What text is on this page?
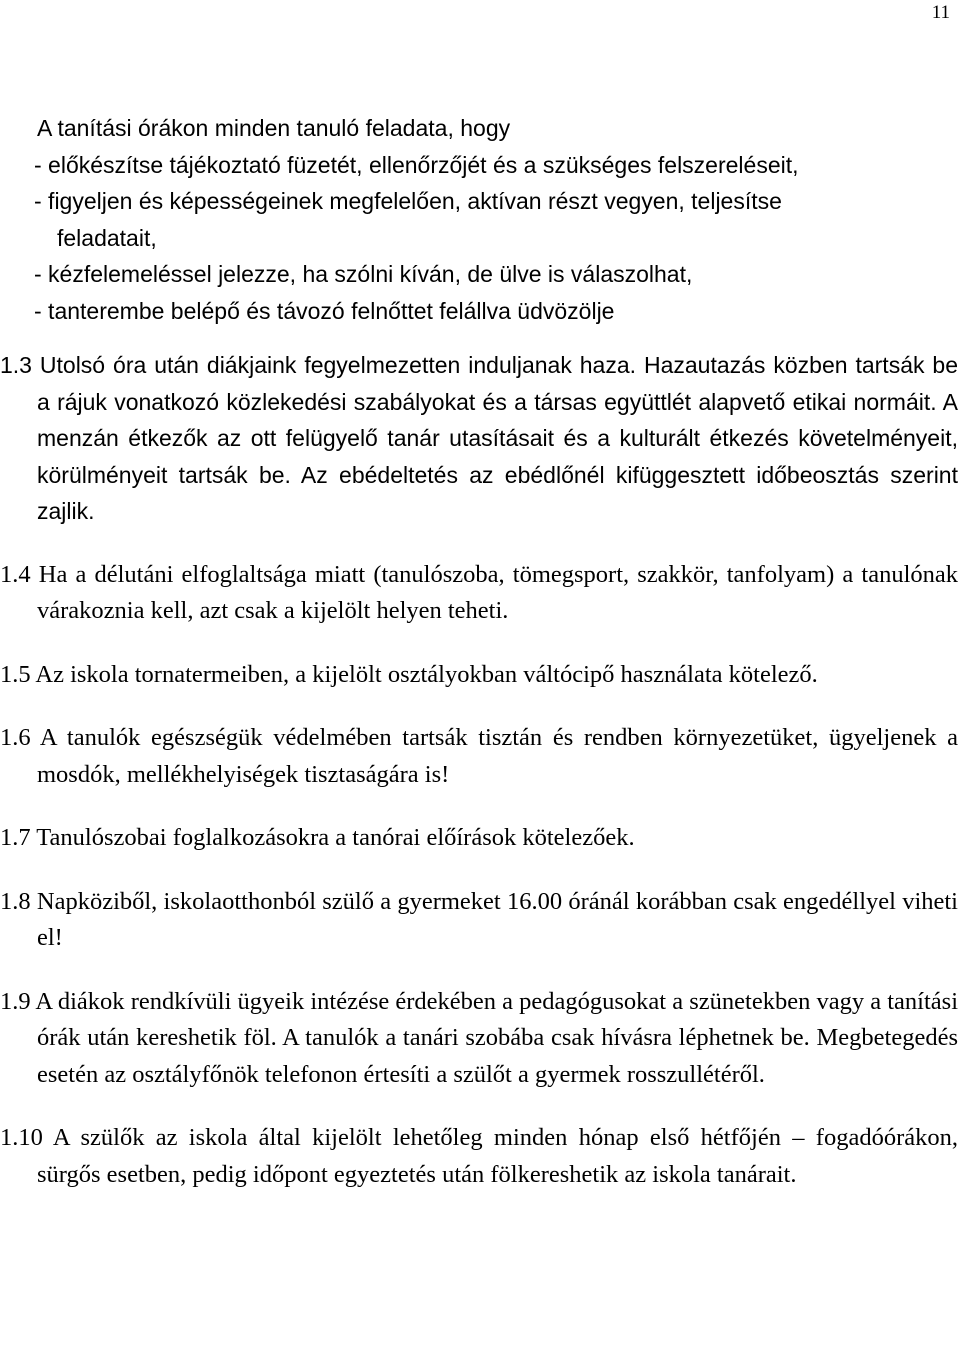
11

A tanítási órákon minden tanuló feladata, hogy

- előkészítse tájékoztató füzetét, ellenőrzőjét és a szükséges felszereléseit,

- figyeljen és képességeinek megfelelően, aktívan részt vegyen, teljesítse

feladatait,

- kézfelemeléssel jelezze, ha szólni kíván, de ülve is válaszolhat,

- tanterembe belépő és távozó felnőttet felállva üdvözölje

1.3 Utolsó óra után diákjaink fegyelmezetten induljanak haza. Hazautazás közben tartsák be a rájuk vonatkozó közlekedési szabályokat és a társas együttlét alapvető etikai normáit. A menzán étkezők az ott felügyelő tanár utasításait és a kulturált étkezés követelményeit, körülményeit tartsák be. Az ebédeltetés az ebédlőnél kifüggesztett időbeosztás szerint zajlik.

1.4 Ha a délutáni elfoglaltsága miatt (tanulószoba, tömegsport, szakkör, tanfolyam) a tanulónak várakoznia kell, azt csak a kijelölt helyen teheti.

1.5 Az iskola tornatermeiben, a kijelölt osztályokban váltócipő használata kötelező.

1.6 A tanulók egészségük védelmében tartsák tisztán és rendben környezetüket, ügyeljenek a mosdók, mellékhelyiségek tisztaságára is!

1.7 Tanulószobai foglalkozásokra a tanórai előírások kötelezőek.

1.8 Napköziből, iskolaotthonból szülő a gyermeket 16.00 óránál korábban csak engedéllyel viheti el!

1.9 A diákok rendkívüli ügyeik intézése érdekében a pedagógusokat a szünetekben vagy a tanítási órák után kereshetik föl. A tanulók a tanári szobába csak hívásra léphetnek be. Megbetegedés esetén az osztályfőnök telefonon értesíti a szülőt a gyermek rosszullétéről.

1.10 A szülők az iskola által kijelölt lehetőleg minden hónap első hétfőjén – fogadóórákon, sürgős esetben, pedig időpont egyeztetés után fölkereshetik az iskola tanárait.
